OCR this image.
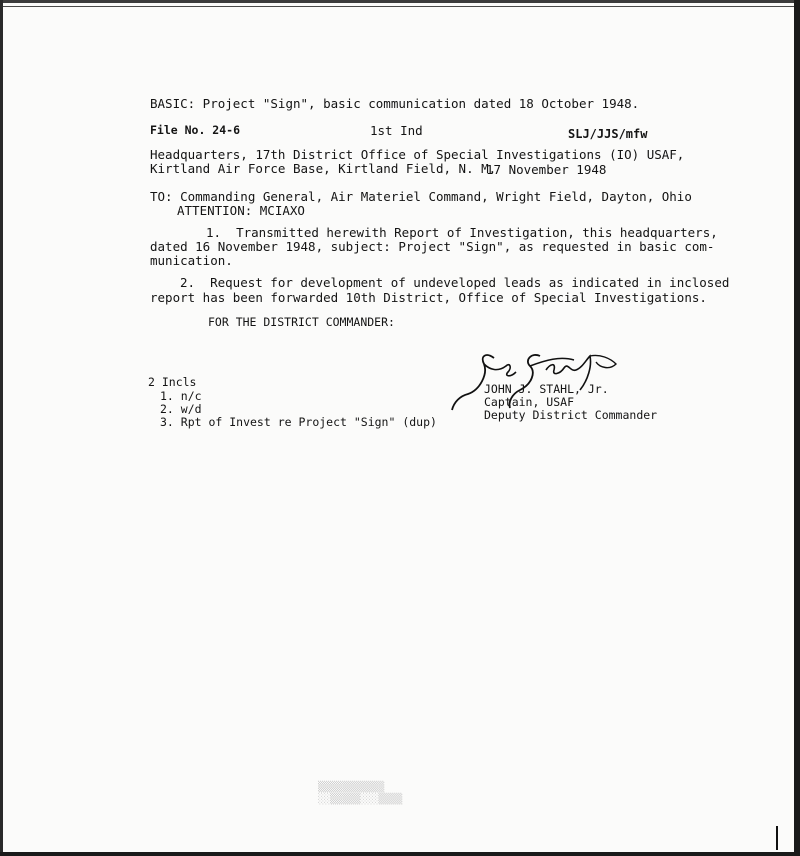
BASIC: Project "Sign", basic communication dated 18 October 1948.
File No. 24-6	1st Ind	SLJ/JJS/mfw
Headquarters, 17th District Office of Special Investigations (IO) USAF,
Kirtland Air Force Base, Kirtland Field, N. M.
17 November 1948
TO: Commanding General, Air Materiel Command, Wright Field, Dayton, Ohio
ATTENTION: MCIAXO
1.  Transmitted herewith Report of Investigation, this headquarters,
dated 16 November 1948, subject: Project "Sign", as requested in basic com-
munication.
2.  Request for development of undeveloped leads as indicated in inclosed
report has been forwarded 10th District, Office of Special Investigations.
FOR THE DISTRICT COMMANDER:
JOHN J. STAHL, Jr.
Captain, USAF
Deputy District Commander
2 Incls
1. n/c
2. w/d
3. Rpt of Invest re Project "Sign" (dup)
▒▒▒▒▒▒▒▒▒▒▒
░░▒▒▒▒▒░░░▒▒▒▒
